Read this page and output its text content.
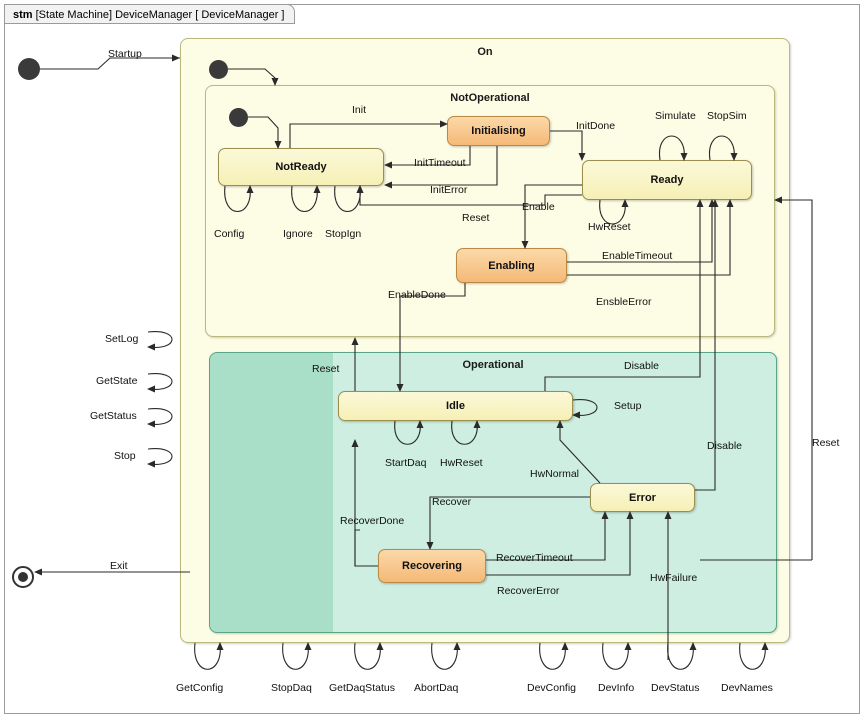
stm [State Machine] DeviceManager [ DeviceManager ]
On
NotOperational
Operational
NotReady
Initialising
Ready
Enabling
Idle
Error
Recovering
Startup
Exit
Init
InitDone
InitTimeout
InitError
Reset
Enable
EnableDone
EnableTimeout
EnsbleError
Simulate StopSim
HwReset
Config	Ignore StopIgn
Reset	Disable
Setup
StartDaq HwReset
HwNormal
Disable
Recover
RecoverDone
RecoverTimeout
RecoverError
HwFailure
Reset
SetLog
GetState
GetStatus
Stop
GetConfig	StopDaq GetDaqStatus AbortDaq	DevConfig DevInfo DevStatus DevNames
